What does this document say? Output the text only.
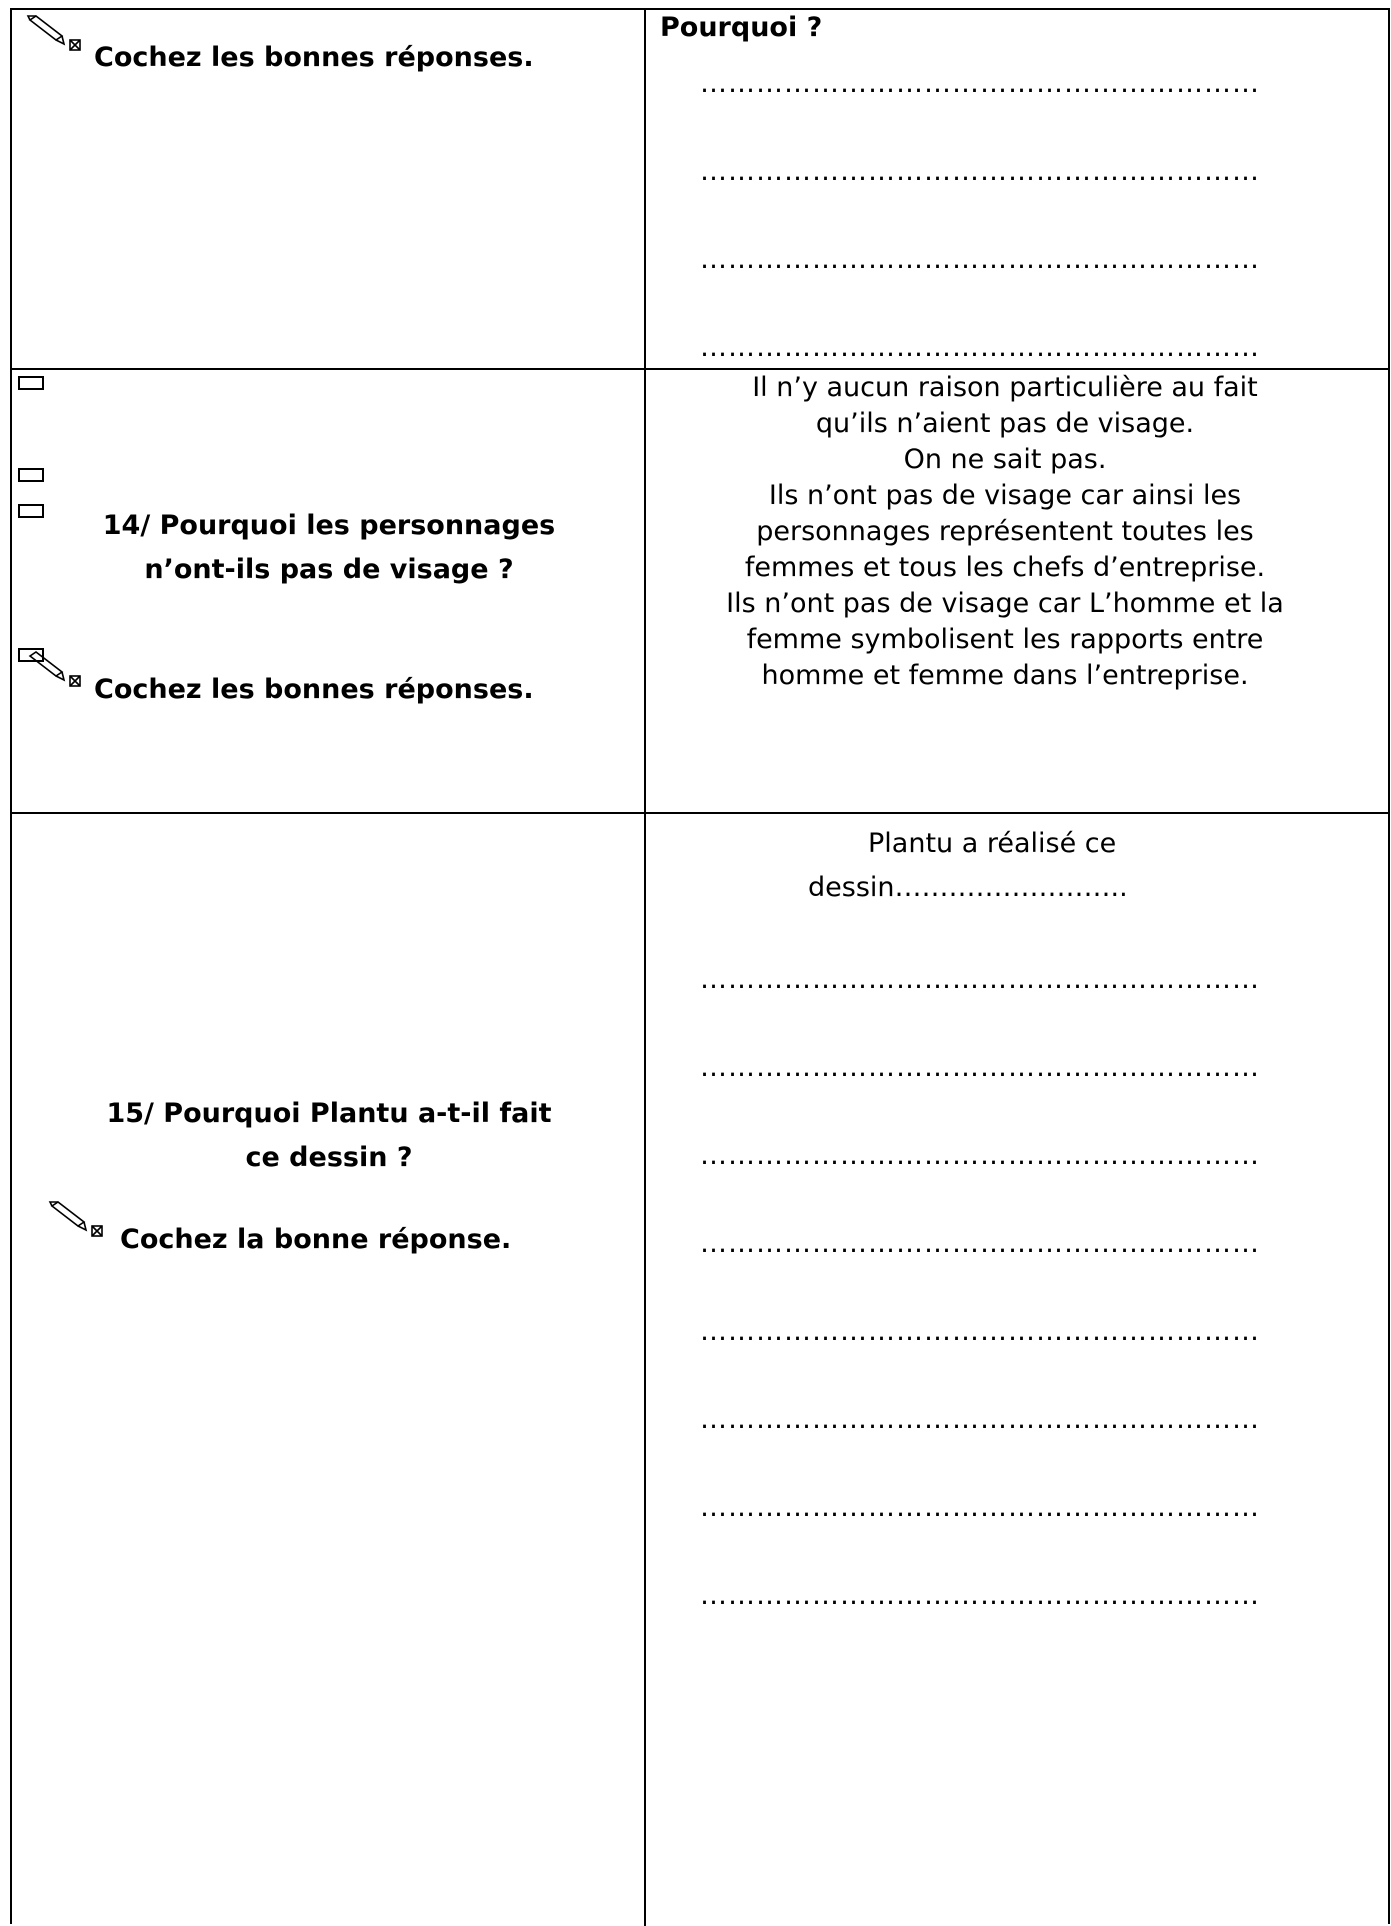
Cochez les bonnes réponses.
Pourquoi ?
……………………………………………………
……………………………………………………
……………………………………………………
……………………………………………………
14/ Pourquoi les personnages
n’ont-ils pas de visage ?
Cochez les bonnes réponses.
Il n’y aucun raison particulière au fait
qu’ils n’aient pas de visage.
On ne sait pas.
Ils n’ont pas de visage car ainsi les
personnages représentent toutes les
femmes et tous les chefs d’entreprise.
Ils n’ont pas de visage car L’homme et la
femme symbolisent les rapports entre
homme et femme dans l’entreprise.
15/ Pourquoi Plantu a-t-il fait
ce dessin ?
Cochez la bonne réponse.
Plantu a réalisé ce
dessin……………………..
……………………………………………………
……………………………………………………
……………………………………………………
……………………………………………………
……………………………………………………
……………………………………………………
……………………………………………………
……………………………………………………
